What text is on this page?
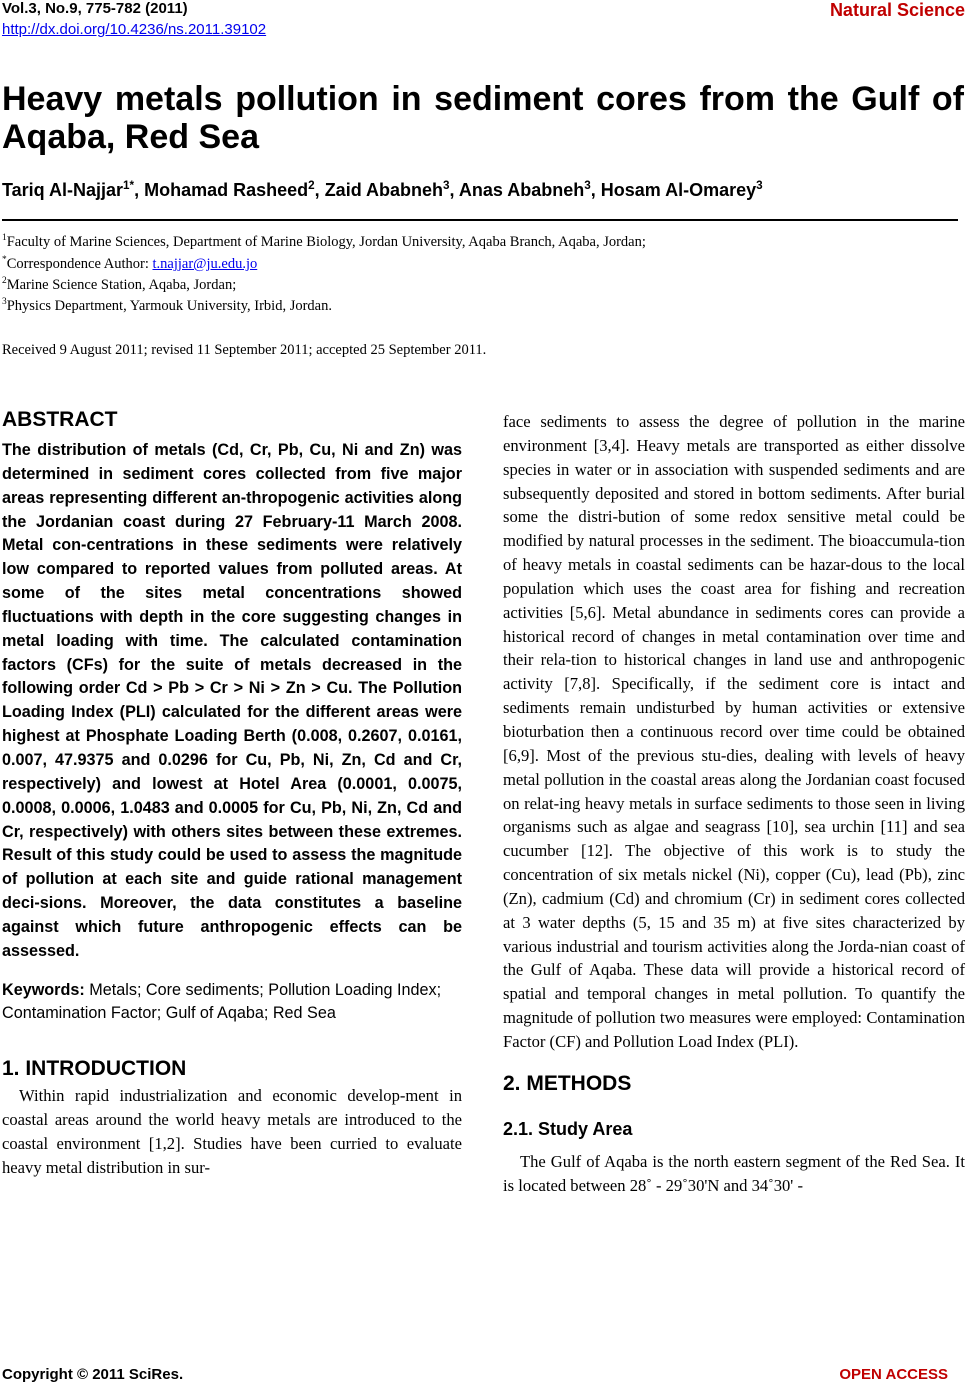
Vol.3, No.9, 775-782 (2011)
http://dx.doi.org/10.4236/ns.2011.39102
Natural Science
Heavy metals pollution in sediment cores from the Gulf of Aqaba, Red Sea
Tariq Al-Najjar$^{1*}$, Mohamad Rasheed$^2$, Zaid Ababneh$^3$, Anas Ababneh$^3$, Hosam Al-Omarey$^3$
$^1$Faculty of Marine Sciences, Department of Marine Biology, Jordan University, Aqaba Branch, Aqaba, Jordan;
*Correspondence Author: t.najjar@ju.edu.jo
$^2$Marine Science Station, Aqaba, Jordan;
$^3$Physics Department, Yarmouk University, Irbid, Jordan.
Received 9 August 2011; revised 11 September 2011; accepted 25 September 2011.
ABSTRACT

The distribution of metals (Cd, Cr, Pb, Cu, Ni and Zn) was determined in sediment cores collected from five major areas representing different an-thropogenic activities along the Jordanian coast during 27 February-11 March 2008. Metal con-centrations in these sediments were relatively low compared to reported values from polluted areas. At some of the sites metal concentrations showed fluctuations with depth in the core suggesting changes in metal loading with time. The calculated contamination factors (CFs) for the suite of metals decreased in the following order Cd > Pb > Cr > Ni > Zn > Cu. The Pollution Loading Index (PLI) calculated for the different areas were highest at Phosphate Loading Berth (0.008, 0.2607, 0.0161, 0.007, 47.9375 and 0.0296 for Cu, Pb, Ni, Zn, Cd and Cr, respectively) and lowest at Hotel Area (0.0001, 0.0075, 0.0008, 0.0006, 1.0483 and 0.0005 for Cu, Pb, Ni, Zn, Cd and Cr, respectively) with others sites between these extremes. Result of this study could be used to assess the magnitude of pollution at each site and guide rational management deci-sions. Moreover, the data constitutes a baseline against which future anthropogenic effects can be assessed.

Keywords: Metals; Core sediments; Pollution Loading Index; Contamination Factor; Gulf of Aqaba; Red Sea

1. INTRODUCTION

Within rapid industrialization and economic develop-ment in coastal areas around the world heavy metals are introduced to the coastal environment [1,2]. Studies have been curried to evaluate heavy metal distribution in sur-

face sediments to assess the degree of pollution in the marine environment [3,4]. Heavy metals are transported as either dissolve species in water or in association with suspended sediments and are subsequently deposited and stored in bottom sediments. After burial some the distri-bution of some redox sensitive metal could be modified by natural processes in the sediment. The bioaccumula-tion of heavy metals in coastal sediments can be hazar-dous to the local population which uses the coast area for fishing and recreation activities [5,6]. Metal abundance in sediments cores can provide a historical record of changes in metal contamination over time and their rela-tion to historical changes in land use and anthropogenic activity [7,8]. Specifically, if the sediment core is intact and sediments remain undisturbed by human activities or extensive bioturbation then a continuous record over time could be obtained [6,9]. Most of the previous stu-dies, dealing with levels of heavy metal pollution in the coastal areas along the Jordanian coast focused on relat-ing heavy metals in surface sediments to those seen in living organisms such as algae and seagrass [10], sea urchin [11] and sea cucumber [12]. The objective of this work is to study the concentration of six metals nickel (Ni), copper (Cu), lead (Pb), zinc (Zn), cadmium (Cd) and chromium (Cr) in sediment cores collected at 3 water depths (5, 15 and 35 m) at five sites characterized by various industrial and tourism activities along the Jorda-nian coast of the Gulf of Aqaba. These data will provide a historical record of spatial and temporal changes in metal pollution. To quantify the magnitude of pollution two measures were employed: Contamination Factor (CF) and Pollution Load Index (PLI).

2. METHODS
2.1. Study Area

The Gulf of Aqaba is the north eastern segment of the Red Sea. It is located between 28˚ - 29˚30'N and 34˚30' -

Copyright © 2011 SciRes.	OPEN ACCESS
